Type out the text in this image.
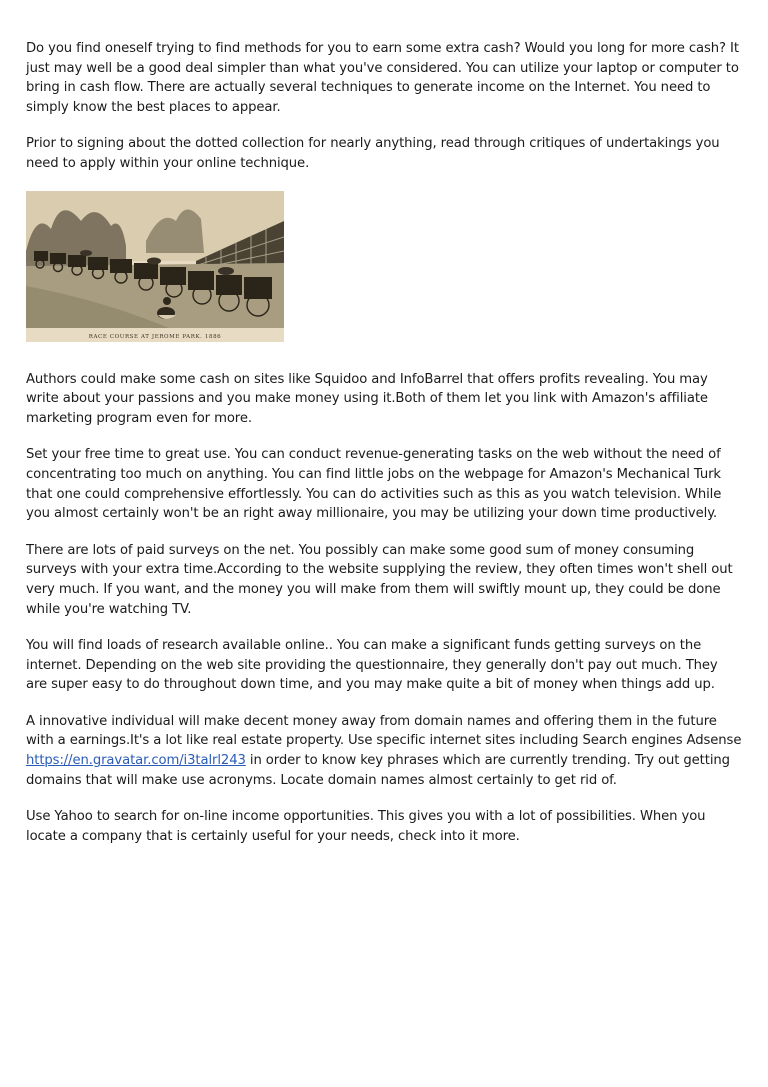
Do you find oneself trying to find methods for you to earn some extra cash? Would you long for more cash? It just may well be a good deal simpler than what you've considered. You can utilize your laptop or computer to bring in cash flow. There are actually several techniques to generate income on the Internet. You need to simply know the best places to appear.

Prior to signing about the dotted collection for nearly anything, read through critiques of undertakings you need to apply within your online technique.

RACE COURSE AT JEROME PARK. 1886

Authors could make some cash on sites like Squidoo and InfoBarrel that offers profits revealing. You may write about your passions and you make money using it.Both of them let you link with Amazon's affiliate marketing program even for more.

Set your free time to great use. You can conduct revenue-generating tasks on the web without the need of concentrating too much on anything. You can find little jobs on the webpage for Amazon's Mechanical Turk that one could comprehensive effortlessly. You can do activities such as this as you watch television. While you almost certainly won't be an right away millionaire, you may be utilizing your down time productively.

There are lots of paid surveys on the net. You possibly can make some good sum of money consuming surveys with your extra time.According to the website supplying the review, they often times won't shell out very much. If you want, and the money you will make from them will swiftly mount up, they could be done while you're watching TV.

You will find loads of research available online.. You can make a significant funds getting surveys on the internet. Depending on the web site providing the questionnaire, they generally don't pay out much. They are super easy to do throughout down time, and you may make quite a bit of money when things add up.

A innovative individual will make decent money away from domain names and offering them in the future with a earnings.It's a lot like real estate property. Use specific internet sites including Search engines Adsense https://en.gravatar.com/i3talrl243 in order to know key phrases which are currently trending. Try out getting domains that will make use acronyms. Locate domain names almost certainly to get rid of.

Use Yahoo to search for on-line income opportunities. This gives you with a lot of possibilities. When you locate a company that is certainly useful for your needs, check into it more.
